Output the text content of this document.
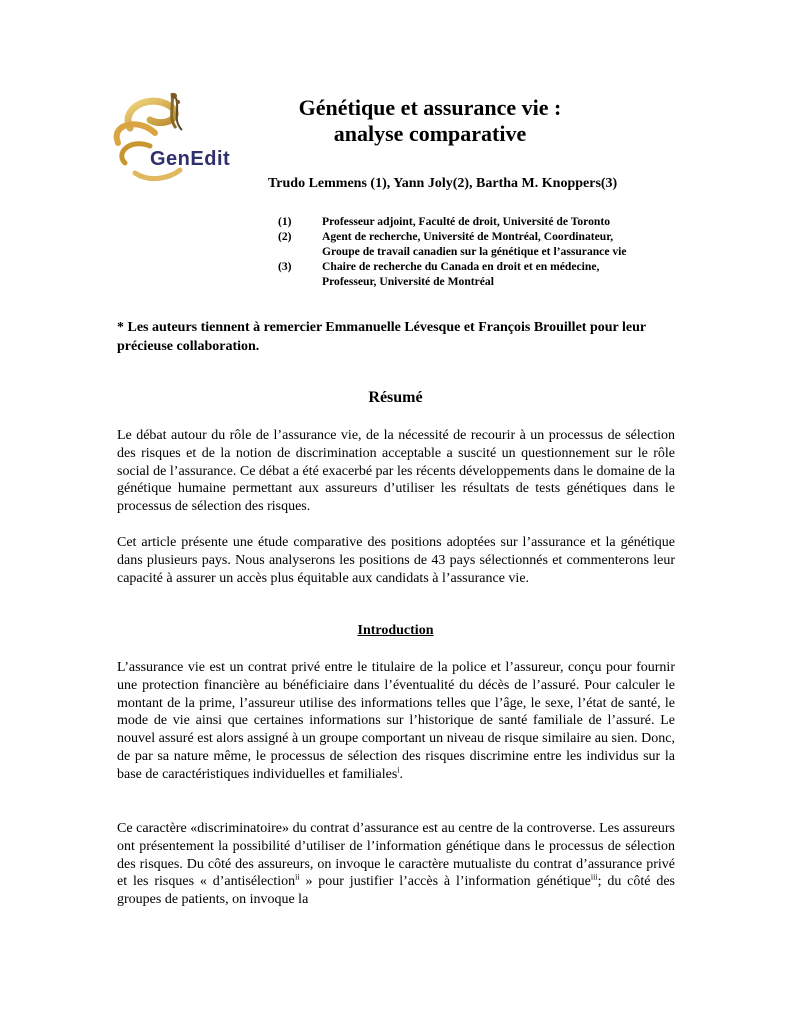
GenEdit
Génétique et assurance vie :
analyse comparative
Trudo Lemmens (1), Yann Joly(2), Bartha M. Knoppers(3)
(1)	Professeur adjoint, Faculté de droit, Université de Toronto
(2)	Agent de recherche, Université de Montréal, Coordinateur,
Groupe de travail canadien sur la génétique et l’assurance vie
(3)	Chaire de recherche du Canada en droit et en médecine,
Professeur, Université de Montréal
* Les auteurs tiennent à remercier Emmanuelle Lévesque et François Brouillet pour leur précieuse collaboration.
Résumé
Le débat autour du rôle de l’assurance vie, de la nécessité de recourir à un processus de sélection des risques et de la notion de discrimination acceptable a suscité un questionnement sur le rôle social de l’assurance. Ce débat a été exacerbé par les récents développements dans le domaine de la génétique humaine permettant aux assureurs d’utiliser les résultats de tests génétiques dans le processus de sélection des risques.
Cet article présente une étude comparative des positions adoptées sur l’assurance et la génétique dans plusieurs pays. Nous analyserons les positions de 43 pays sélectionnés et commenterons leur capacité à assurer un accès plus équitable aux candidats à l’assurance vie.
Introduction
L’assurance vie est un contrat privé entre le titulaire de la police et l’assureur, conçu pour fournir une protection financière au bénéficiaire dans l’éventualité du décès de l’assuré. Pour calculer le montant de la prime, l’assureur utilise des informations telles que l’âge, le sexe, l’état de santé, le mode de vie ainsi que certaines informations sur l’historique de santé familiale de l’assuré. Le nouvel assuré est alors assigné à un groupe comportant un niveau de risque similaire au sien. Donc, de par sa nature même, le processus de sélection des risques discrimine entre les individus sur la base de caractéristiques individuelles et familiales$^i$.
Ce caractère «discriminatoire» du contrat d’assurance est au centre de la controverse. Les assureurs ont présentement la possibilité d’utiliser de l’information génétique dans le processus de sélection des risques. Du côté des assureurs, on invoque le caractère mutualiste du contrat d’assurance privé et les risques « d’antisélection$^{ii}$ » pour justifier l’accès à l’information génétique$^{iii}$; du côté des groupes de patients, on invoque la
